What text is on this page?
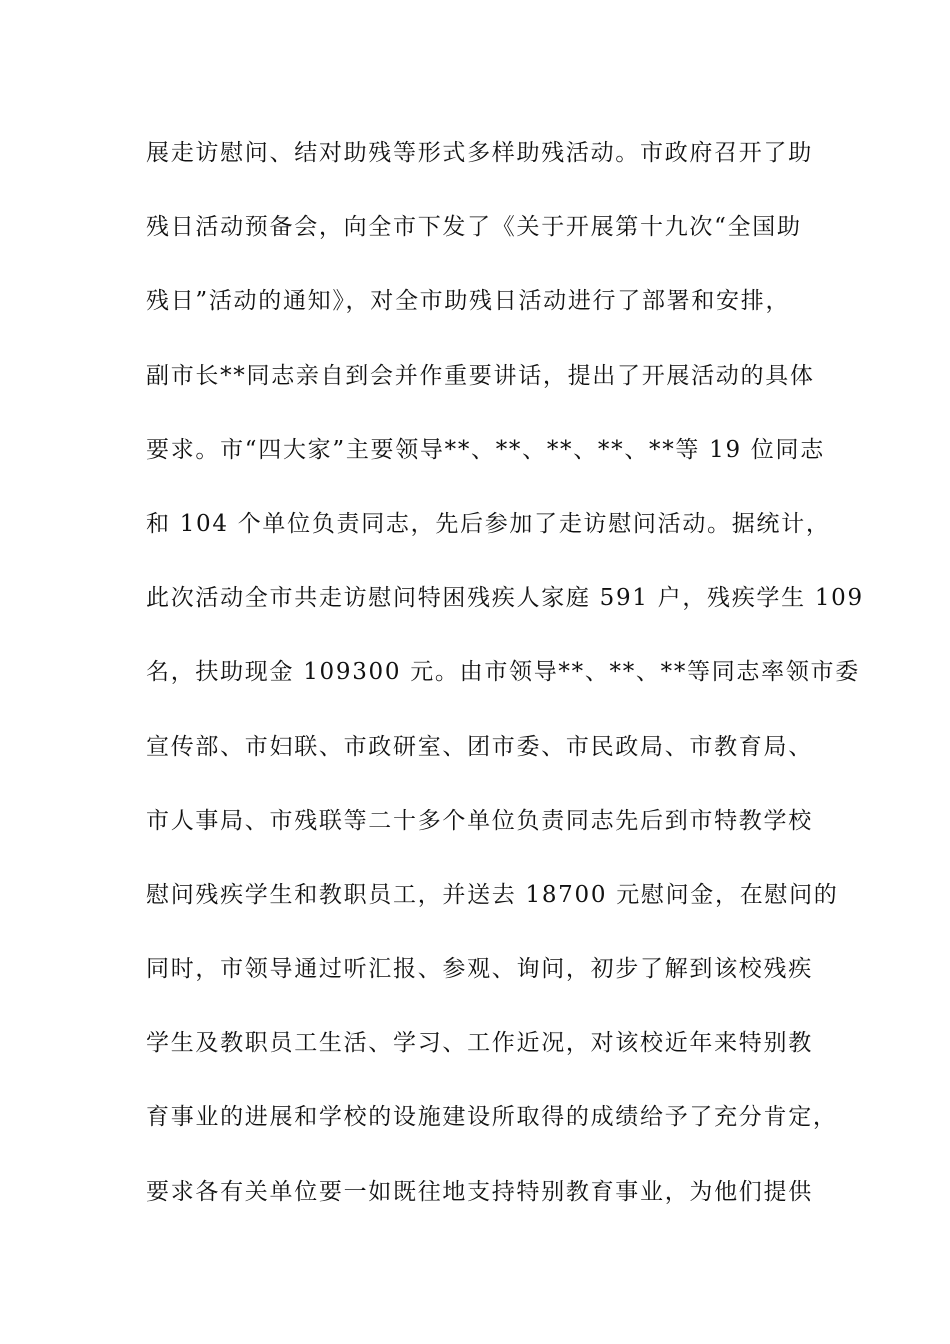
展走访慰问、结对助残等形式多样助残活动。市政府召开了助
残日活动预备会，向全市下发了《关于开展第十九次“全国助
残日”活动的通知》，对全市助残日活动进行了部署和安排，
副市长**同志亲自到会并作重要讲话，提出了开展活动的具体
要求。市“四大家”主要领导**、**、**、**、**等 19 位同志
和 104 个单位负责同志，先后参加了走访慰问活动。据统计，
此次活动全市共走访慰问特困残疾人家庭 591 户，残疾学生 109
名，扶助现金 109300 元。由市领导**、**、**等同志率领市委
宣传部、市妇联、市政研室、团市委、市民政局、市教育局、
市人事局、市残联等二十多个单位负责同志先后到市特教学校
慰问残疾学生和教职员工，并送去 18700 元慰问金，在慰问的
同时，市领导通过听汇报、参观、询问，初步了解到该校残疾
学生及教职员工生活、学习、工作近况，对该校近年来特别教
育事业的进展和学校的设施建设所取得的成绩给予了充分肯定，
要求各有关单位要一如既往地支持特别教育事业，为他们提供
